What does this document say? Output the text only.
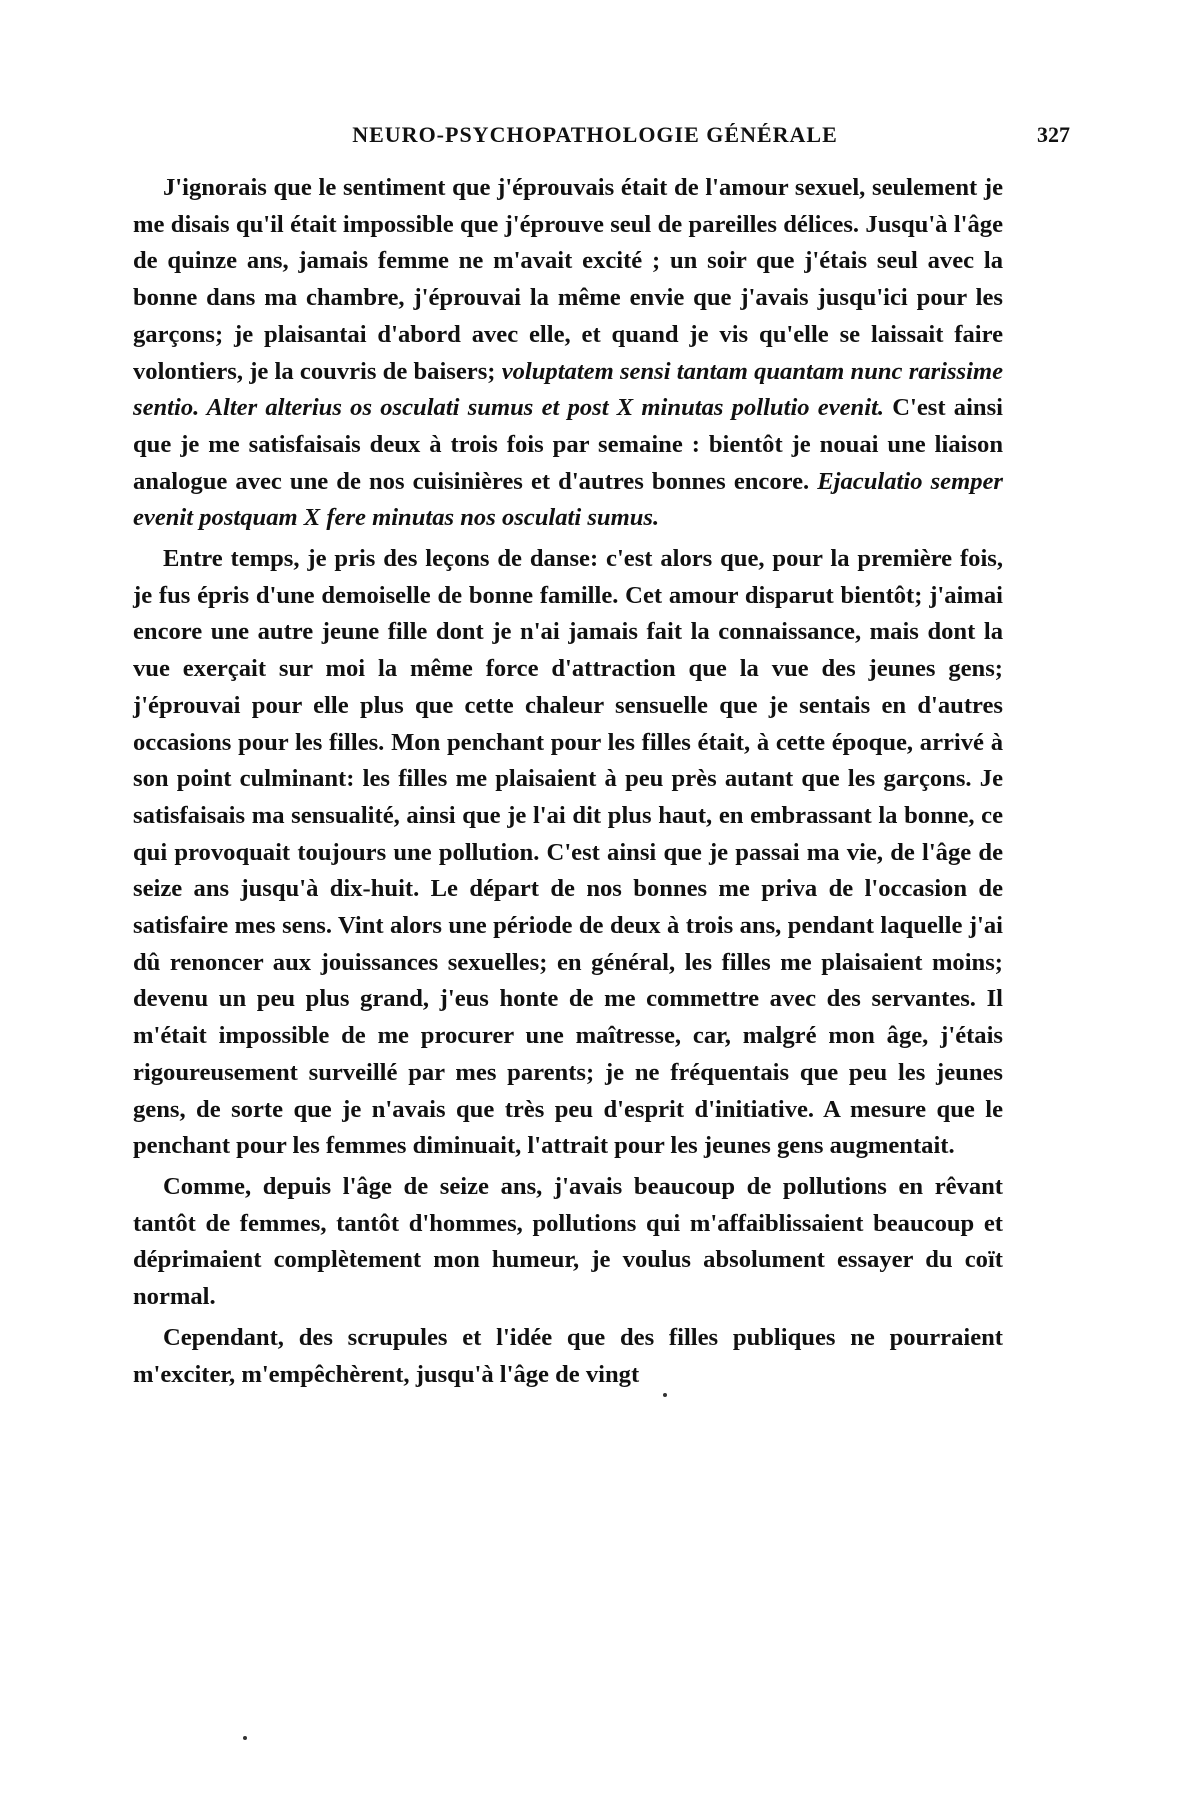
NEURO-PSYCHOPATHOLOGIE GÉNÉRALE	327

J'ignorais que le sentiment que j'éprouvais était de l'amour sexuel, seulement je me disais qu'il était impossible que j'éprouve seul de pareilles délices. Jusqu'à l'âge de quinze ans, jamais femme ne m'avait excité ; un soir que j'étais seul avec la bonne dans ma chambre, j'éprouvai la même envie que j'avais jusqu'ici pour les garçons; je plaisantai d'abord avec elle, et quand je vis qu'elle se laissait faire volontiers, je la couvris de baisers; voluptatem sensi tantam quantam nunc rarissime sentio. Alter alterius os osculati sumus et post X minutas pollutio evenit. C'est ainsi que je me satisfaisais deux à trois fois par semaine : bientôt je nouai une liaison analogue avec une de nos cuisinières et d'autres bonnes encore. Ejaculatio semper evenit postquam X fere minutas nos osculati sumus.

Entre temps, je pris des leçons de danse: c'est alors que, pour la première fois, je fus épris d'une demoiselle de bonne famille. Cet amour disparut bientôt; j'aimai encore une autre jeune fille dont je n'ai jamais fait la connaissance, mais dont la vue exerçait sur moi la même force d'attraction que la vue des jeunes gens; j'éprouvai pour elle plus que cette chaleur sensuelle que je sentais en d'autres occasions pour les filles. Mon penchant pour les filles était, à cette époque, arrivé à son point culminant: les filles me plaisaient à peu près autant que les garçons. Je satisfaisais ma sensualité, ainsi que je l'ai dit plus haut, en embrassant la bonne, ce qui provoquait toujours une pollution. C'est ainsi que je passai ma vie, de l'âge de seize ans jusqu'à dix-huit. Le départ de nos bonnes me priva de l'occasion de satisfaire mes sens. Vint alors une période de deux à trois ans, pendant laquelle j'ai dû renoncer aux jouissances sexuelles; en général, les filles me plaisaient moins; devenu un peu plus grand, j'eus honte de me commettre avec des servantes. Il m'était impossible de me procurer une maîtresse, car, malgré mon âge, j'étais rigoureusement surveillé par mes parents; je ne fréquentais que peu les jeunes gens, de sorte que je n'avais que très peu d'esprit d'initiative. A mesure que le penchant pour les femmes diminuait, l'attrait pour les jeunes gens augmentait.

Comme, depuis l'âge de seize ans, j'avais beaucoup de pollutions en rêvant tantôt de femmes, tantôt d'hommes, pollutions qui m'affaiblissaient beaucoup et déprimaient complètement mon humeur, je voulus absolument essayer du coït normal.

Cependant, des scrupules et l'idée que des filles publiques ne pourraient m'exciter, m'empêchèrent, jusqu'à l'âge de vingt
